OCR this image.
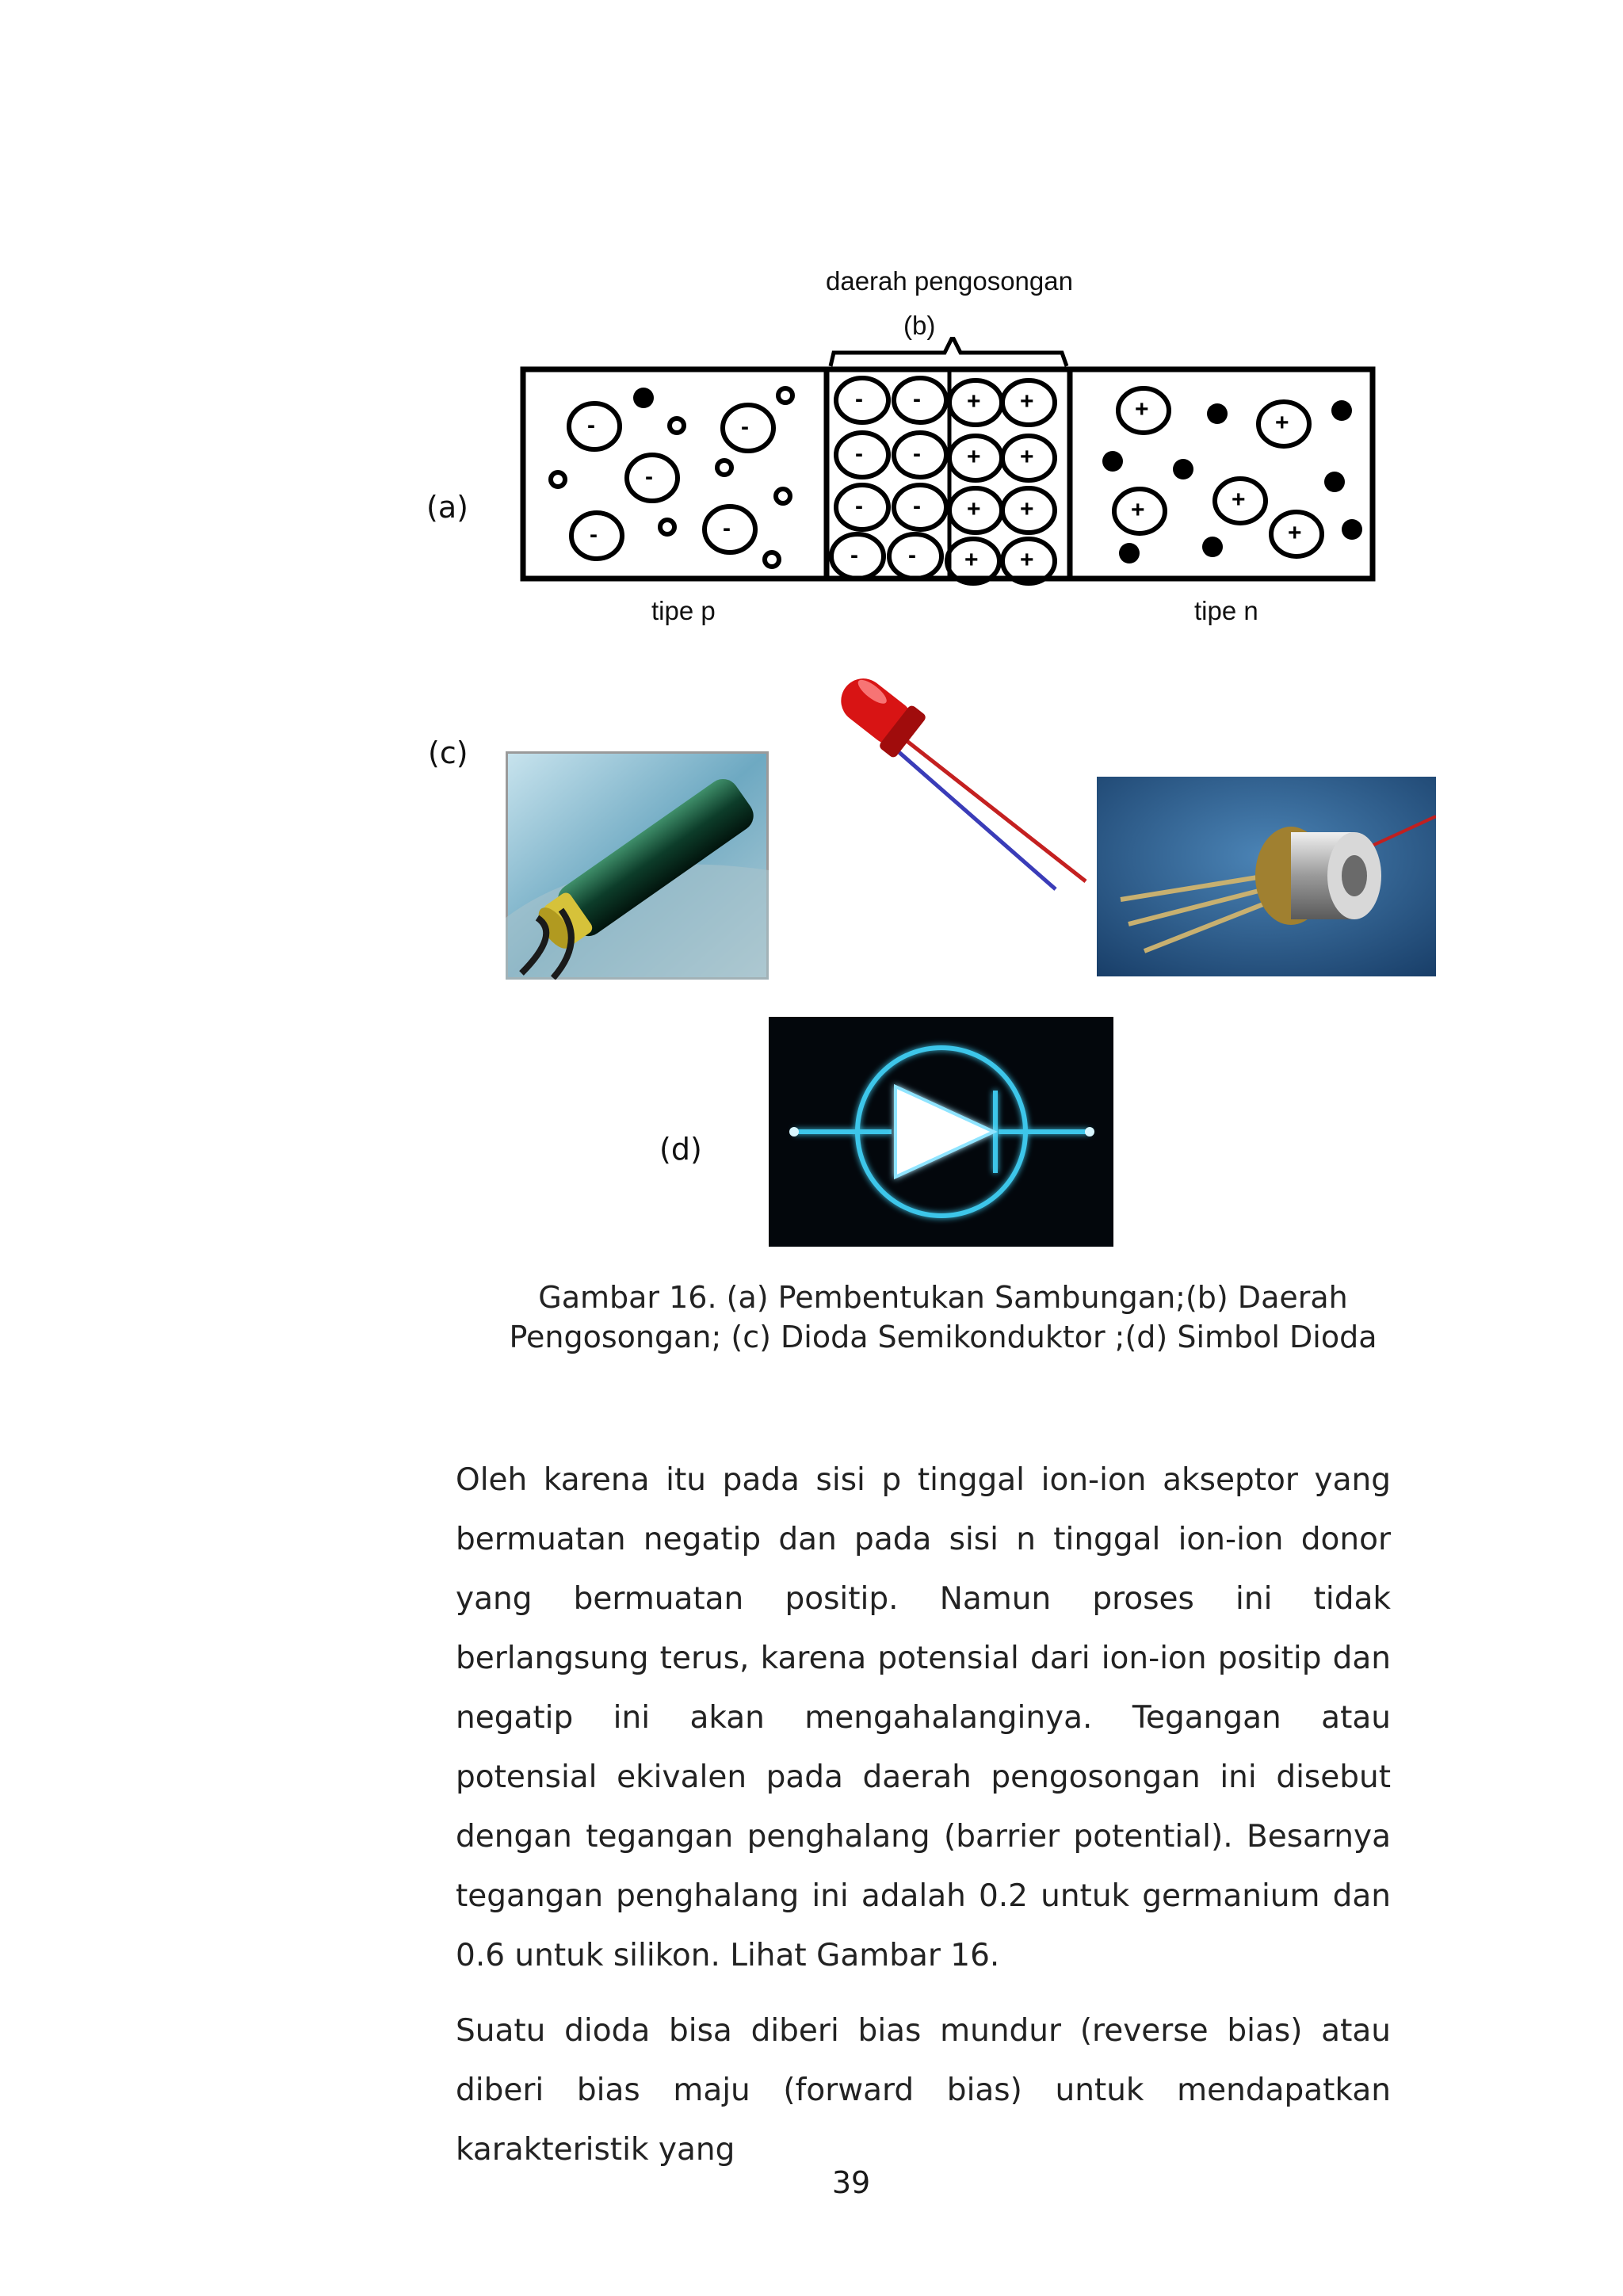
daerah pengosongan
(b)
(a)
-	-
-
-	-
- -
- -
- -
- -
+ +
+ +
+ +
+ +
+
+
+
+
+
tipe p	tipe n
(c)
(d)
Gambar 16. (a) Pembentukan Sambungan;(b) Daerah
Pengosongan; (c) Dioda Semikonduktor ;(d) Simbol Dioda

Oleh karena itu pada sisi p tinggal ion-ion akseptor yang bermuatan negatip dan pada sisi n tinggal ion-ion donor yang bermuatan positip. Namun proses ini tidak berlangsung terus, karena potensial dari ion-ion positip dan negatip ini akan mengahalanginya. Tegangan atau potensial ekivalen pada daerah pengosongan ini disebut dengan tegangan penghalang (barrier potential). Besarnya tegangan penghalang ini adalah 0.2 untuk germanium dan 0.6 untuk silikon. Lihat Gambar 16.

Suatu dioda bisa diberi bias mundur (reverse bias) atau diberi bias maju (forward bias) untuk mendapatkan karakteristik yang

39
